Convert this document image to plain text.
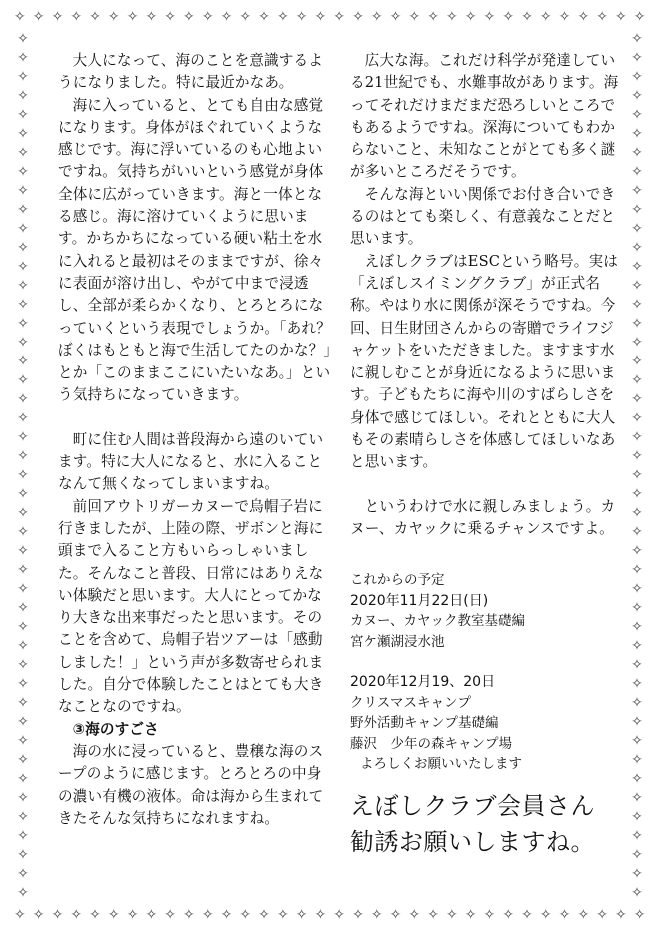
✧ ✧ ✧ ✧ ✧ ✧ ✧ ✧ ✧ ✧ ✧ ✧ ✧ ✧ ✧ ✧ ✧ ✧ ✧ ✧ ✧ ✧ ✧ ✧ ✧ ✧ ✧ ✧ ✧ ✧ ✧ ✧ ✧ ✧
✧ ✧ ✧ ✧ ✧ ✧ ✧ ✧ ✧ ✧ ✧ ✧ ✧ ✧ ✧ ✧ ✧ ✧ ✧ ✧ ✧ ✧ ✧ ✧ ✧ ✧ ✧ ✧ ✧ ✧ ✧ ✧ ✧ ✧
✧
✧
✧
✧
✧
✧
✧
✧
✧
✧
✧
✧
✧
✧
✧
✧
✧
✧
✧
✧
✧
✧
✧
✧
✧
✧
✧
✧
✧
✧
✧
✧
✧
✧
✧
✧
✧
✧
✧
✧
✧
✧
✧
✧
✧
✧
✧
✧
✧
✧
✧
✧
✧
✧
✧
✧
✧
✧
✧
✧
✧
✧
✧
✧
✧
✧
✧
✧
✧
✧
✧
✧
✧
✧
✧
✧
✧
✧
✧
✧
✧
✧
✧
✧
✧
✧
✧
✧
✧
✧
✧
✧

大人になって、海のことを意識するようになりました。特に最近かなあ。

海に入っていると、とても自由な感覚になります。身体がほぐれていくような感じです。海に浮いているのも心地よいですね。気持ちがいいという感覚が身体全体に広がっていきます。海と一体となる感じ。海に溶けていくように思います。かちかちになっている硬い粘土を水に入れると最初はそのままですが、徐々に表面が溶け出し、やがて中まで浸透し、全部が柔らかくなり、とろとろになっていくという表現でしょうか。「あれ？ぼくはもともと海で生活してたのかな？」とか「このままここにいたいなあ。」という気持ちになっていきます。

町に住む人間は普段海から遠のいています。特に大人になると、水に入ることなんて無くなってしまいますね。

前回アウトリガーカヌーで烏帽子岩に行きましたが、上陸の際、ザボンと海に頭まで入ること方もいらっしゃいました。そんなこと普段、日常にはありえない体験だと思います。大人にとってかなり大きな出来事だったと思います。そのことを含めて、烏帽子岩ツアーは「感動しました！」という声が多数寄せられました。自分で体験したことはとても大きなことなのですね。

③海のすごさ

海の水に浸っていると、豊穣な海のスープのように感じます。とろとろの中身の濃い有機の液体。命は海から生まれてきたそんな気持ちになれますね。

広大な海。これだけ科学が発達している21世紀でも、水難事故があります。海ってそれだけまだまだ恐ろしいところでもあるようですね。深海についてもわからないこと、未知なことがとても多く謎が多いところだそうです。

そんな海といい関係でお付き合いできるのはとても楽しく、有意義なことだと思います。

えぼしクラブはESCという略号。実は「えぼしスイミングクラブ」が正式名称。やはり水に関係が深そうですね。今回、日生財団さんからの寄贈でライフジャケットをいただきました。ますます水に親しむことが身近になるように思います。子どもたちに海や川のすばらしさを身体で感じてほしい。それとともに大人もその素晴らしさを体感してほしいなあと思います。

というわけで水に親しみましょう。カヌー、カヤックに乗るチャンスですよ。

これからの予定
2020年11月22日(日)
カヌー、カヤック教室基礎編
宮ケ瀬湖浸水池
2020年12月19、20日
クリスマスキャンプ
野外活動キャンプ基礎編
藤沢　少年の森キャンプ場
よろしくお願いいたします
えぼしクラブ会員さん
勧誘お願いしますね。
